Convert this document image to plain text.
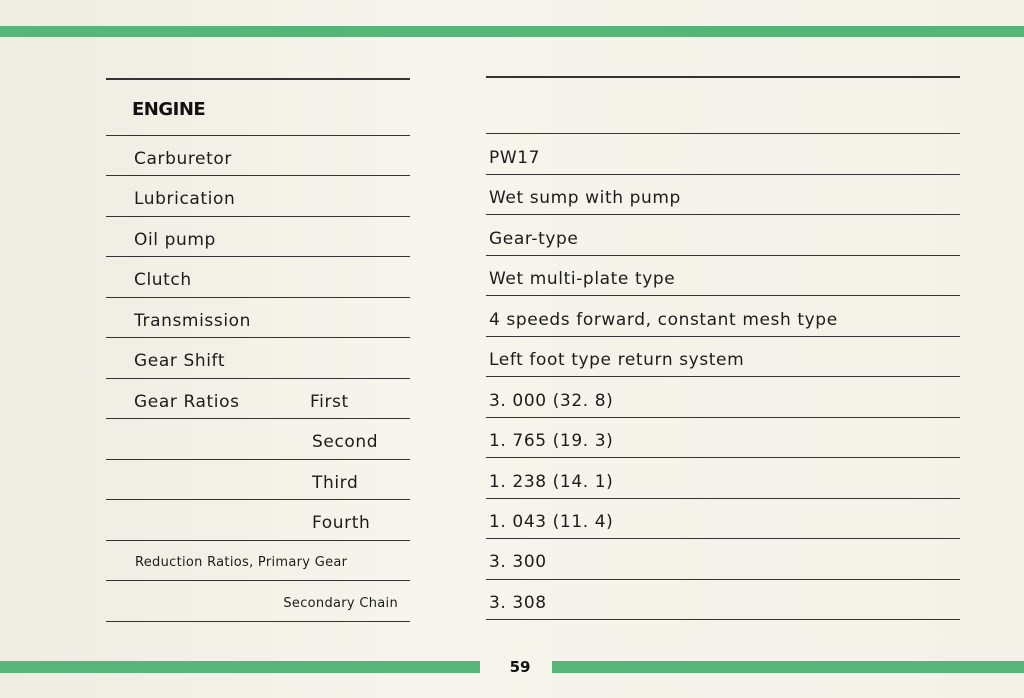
ENGINE
Carburetor
Lubrication
Oil pump
Clutch
Transmission
Gear Shift
Gear Ratios	First
Second
Third
Fourth
Reduction Ratios, Primary Gear
Secondary Chain
PW17
Wet sump with pump
Gear-type
Wet multi-plate type
4 speeds forward, constant mesh type
Left foot type return system
3. 000 (32. 8)
1. 765 (19. 3)
1. 238 (14. 1)
1. 043 (11. 4)
3. 300
3. 308
59
